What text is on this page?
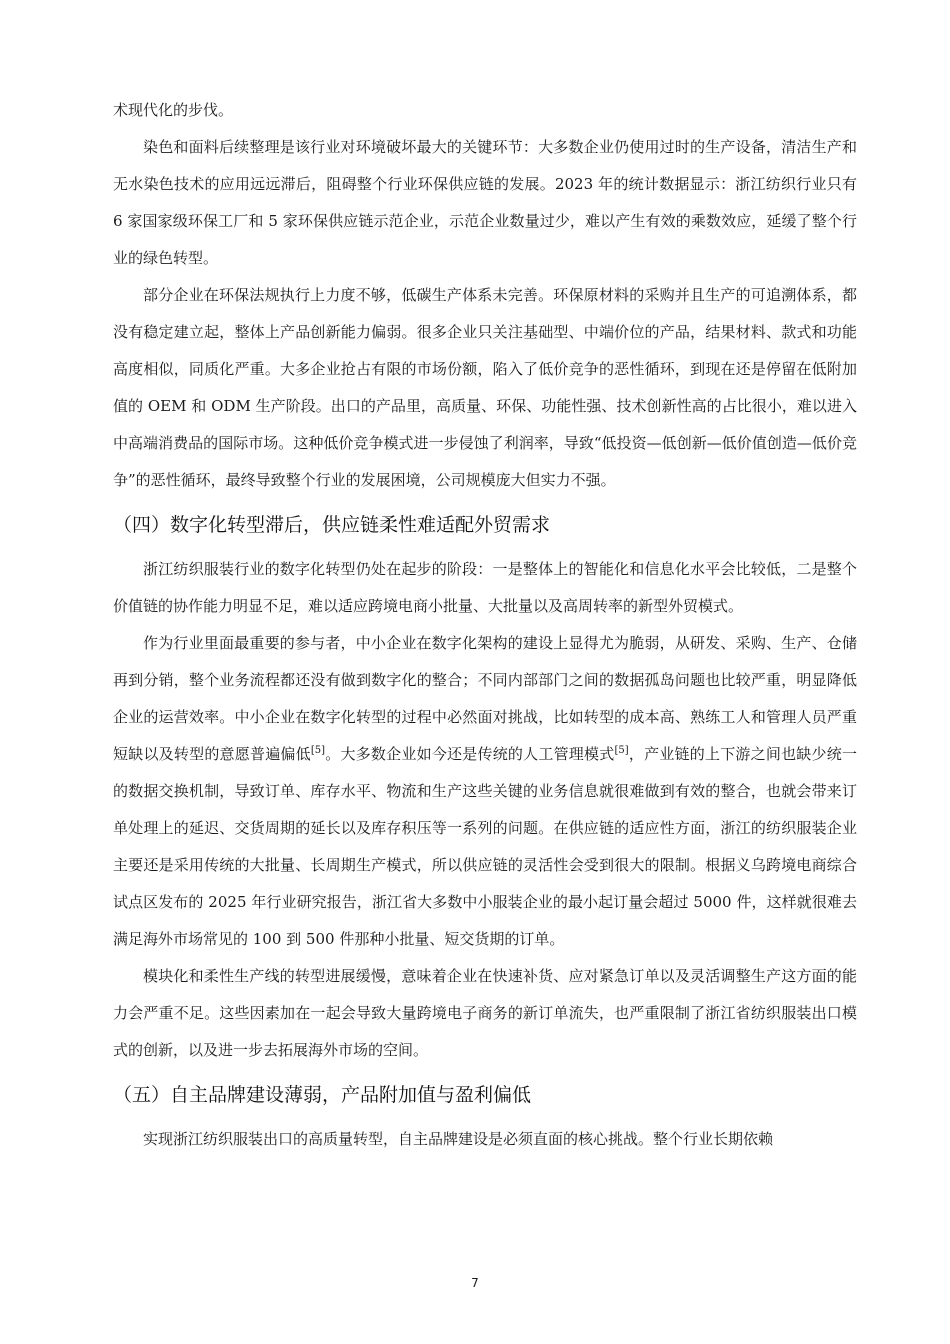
术现代化的步伐。

染色和面料后续整理是该行业对环境破坏最大的关键环节：大多数企业仍使用过时的生产设备，清洁生产和无水染色技术的应用远远滞后，阻碍整个行业环保供应链的发展。2023 年的统计数据显示：浙江纺织行业只有 6 家国家级环保工厂和 5 家环保供应链示范企业，示范企业数量过少，难以产生有效的乘数效应，延缓了整个行业的绿色转型。

部分企业在环保法规执行上力度不够，低碳生产体系未完善。环保原材料的采购并且生产的可追溯体系，都没有稳定建立起，整体上产品创新能力偏弱。很多企业只关注基础型、中端价位的产品，结果材料、款式和功能高度相似，同质化严重。大多企业抢占有限的市场份额，陷入了低价竞争的恶性循环，到现在还是停留在低附加值的 OEM 和 ODM 生产阶段。出口的产品里，高质量、环保、功能性强、技术创新性高的占比很小，难以进入中高端消费品的国际市场。这种低价竞争模式进一步侵蚀了利润率，导致“低投资—低创新—低价值创造—低价竞争”的恶性循环，最终导致整个行业的发展困境，公司规模庞大但实力不强。

（四）数字化转型滞后，供应链柔性难适配外贸需求

浙江纺织服装行业的数字化转型仍处在起步的阶段：一是整体上的智能化和信息化水平会比较低，二是整个价值链的协作能力明显不足，难以适应跨境电商小批量、大批量以及高周转率的新型外贸模式。

作为行业里面最重要的参与者，中小企业在数字化架构的建设上显得尤为脆弱，从研发、采购、生产、仓储再到分销，整个业务流程都还没有做到数字化的整合；不同内部部门之间的数据孤岛问题也比较严重，明显降低企业的运营效率。中小企业在数字化转型的过程中必然面对挑战，比如转型的成本高、熟练工人和管理人员严重短缺以及转型的意愿普遍偏低[5]。大多数企业如今还是传统的人工管理模式[5]，产业链的上下游之间也缺少统一的数据交换机制，导致订单、库存水平、物流和生产这些关键的业务信息就很难做到有效的整合，也就会带来订单处理上的延迟、交货周期的延长以及库存积压等一系列的问题。在供应链的适应性方面，浙江的纺织服装企业主要还是采用传统的大批量、长周期生产模式，所以供应链的灵活性会受到很大的限制。根据义乌跨境电商综合试点区发布的 2025 年行业研究报告，浙江省大多数中小服装企业的最小起订量会超过 5000 件，这样就很难去满足海外市场常见的 100 到 500 件那种小批量、短交货期的订单。

模块化和柔性生产线的转型进展缓慢，意味着企业在快速补货、应对紧急订单以及灵活调整生产这方面的能力会严重不足。这些因素加在一起会导致大量跨境电子商务的新订单流失，也严重限制了浙江省纺织服装出口模式的创新，以及进一步去拓展海外市场的空间。

（五）自主品牌建设薄弱，产品附加值与盈利偏低

实现浙江纺织服装出口的高质量转型，自主品牌建设是必须直面的核心挑战。整个行业长期依赖

7
